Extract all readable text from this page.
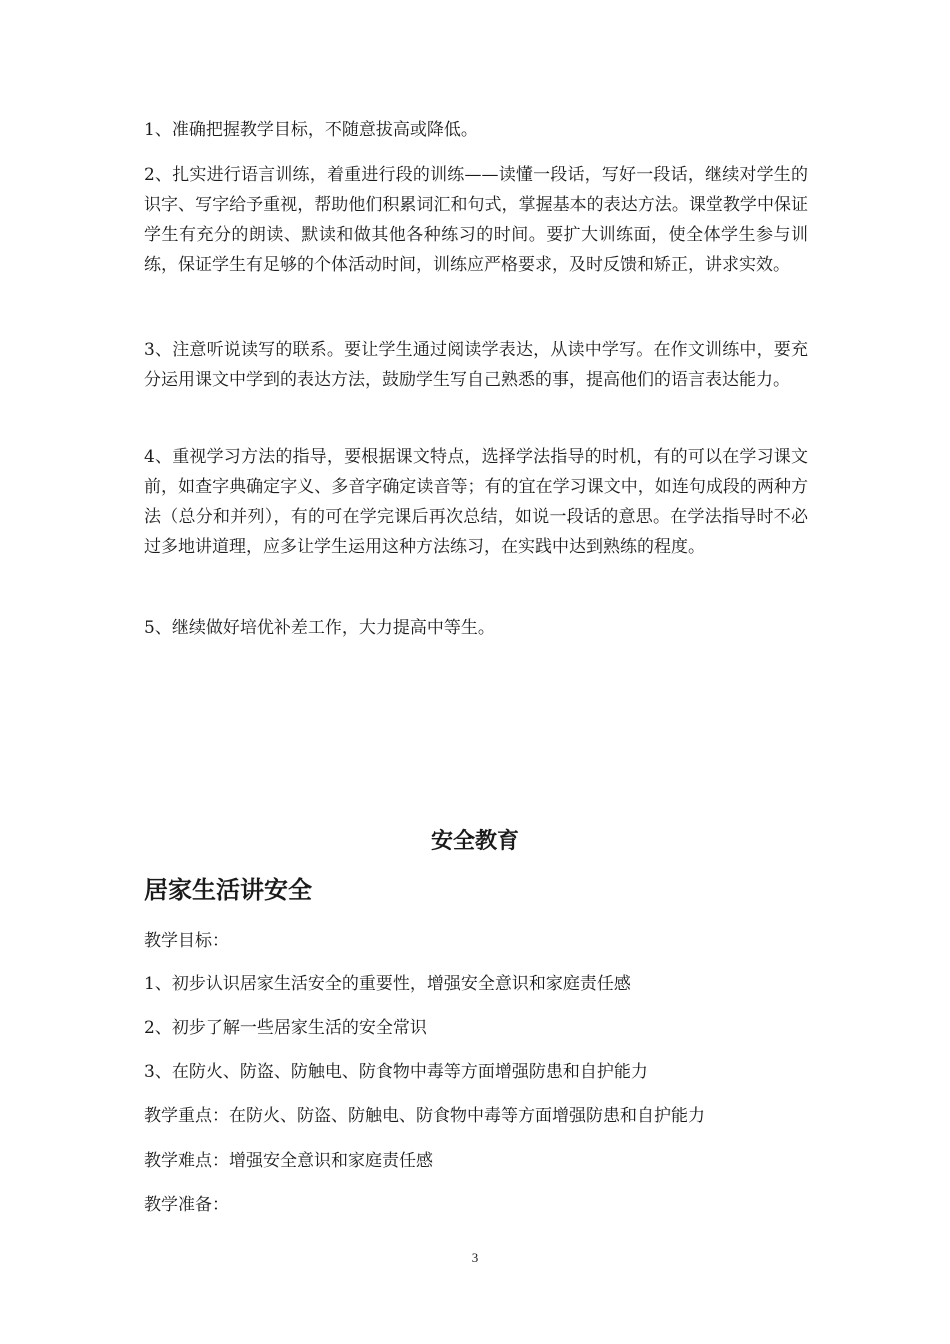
1、准确把握教学目标，不随意拔高或降低。

2、扎实进行语言训练，着重进行段的训练——读懂一段话，写好一段话，继续对学生的识字、写字给予重视，帮助他们积累词汇和句式，掌握基本的表达方法。课堂教学中保证学生有充分的朗读、默读和做其他各种练习的时间。要扩大训练面，使全体学生参与训练，保证学生有足够的个体活动时间，训练应严格要求，及时反馈和矫正，讲求实效。

3、注意听说读写的联系。要让学生通过阅读学表达，从读中学写。在作文训练中，要充分运用课文中学到的表达方法，鼓励学生写自己熟悉的事，提高他们的语言表达能力。

4、重视学习方法的指导，要根据课文特点，选择学法指导的时机，有的可以在学习课文前，如查字典确定字义、多音字确定读音等；有的宜在学习课文中，如连句成段的两种方法（总分和并列），有的可在学完课后再次总结，如说一段话的意思。在学法指导时不必过多地讲道理，应多让学生运用这种方法练习，在实践中达到熟练的程度。

5、继续做好培优补差工作，大力提高中等生。

安全教育
居家生活讲安全

教学目标：

1、初步认识居家生活安全的重要性，增强安全意识和家庭责任感

2、初步了解一些居家生活的安全常识

3、在防火、防盗、防触电、防食物中毒等方面增强防患和自护能力

教学重点：在防火、防盗、防触电、防食物中毒等方面增强防患和自护能力

教学难点：增强安全意识和家庭责任感

教学准备：

3
